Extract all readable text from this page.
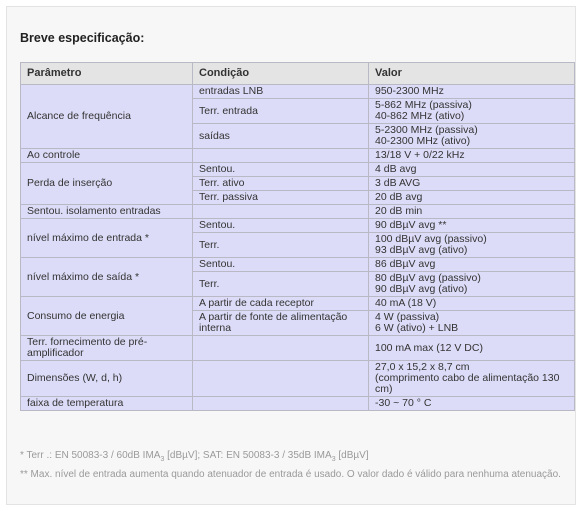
Breve especificação:
Parâmetro	Condição	Valor
Alcance de frequência	entradas LNB	950-2300 MHz
	Terr. entrada	5-862 MHz (passiva)
40-862 MHz (ativo)
	saídas	5-2300 MHz (passiva)
40-2300 MHz (ativo)
Ao controle		13/18 V + 0/22 kHz
Perda de inserção	Sentou.	4 dB avg
	Terr. ativo	3 dB AVG
	Terr. passiva	20 dB avg
Sentou. isolamento entradas		20 dB min
nível máximo de entrada *	Sentou.	90 dBµV avg **
	Terr.	100 dBµV avg (passivo)
93 dBµV avg (ativo)
nível máximo de saída *	Sentou.	86 dBµV avg
	Terr.	80 dBµV avg (passivo)
90 dBµV avg (ativo)
Consumo de energia	A partir de cada receptor	40 mA (18 V)
	A partir de fonte de alimentação interna	4 W (passiva)
6 W (ativo) + LNB
Terr. fornecimento de pré-amplificador		100 mA max (12 V DC)
Dimensões (W, d, h)		27,0 x 15,2 x 8,7 cm
(comprimento cabo de alimentação 130 cm)
faixa de temperatura		-30 ~ 70 ° C

* Terr .: EN 50083-3 / 60dB $IMA_3$ [dBµV]; SAT: EN 50083-3 / 35dB $IMA_3$ [dBµV]

** Max. nível de entrada aumenta quando atenuador de entrada é usado. O valor dado é válido para nenhuma atenuação.
